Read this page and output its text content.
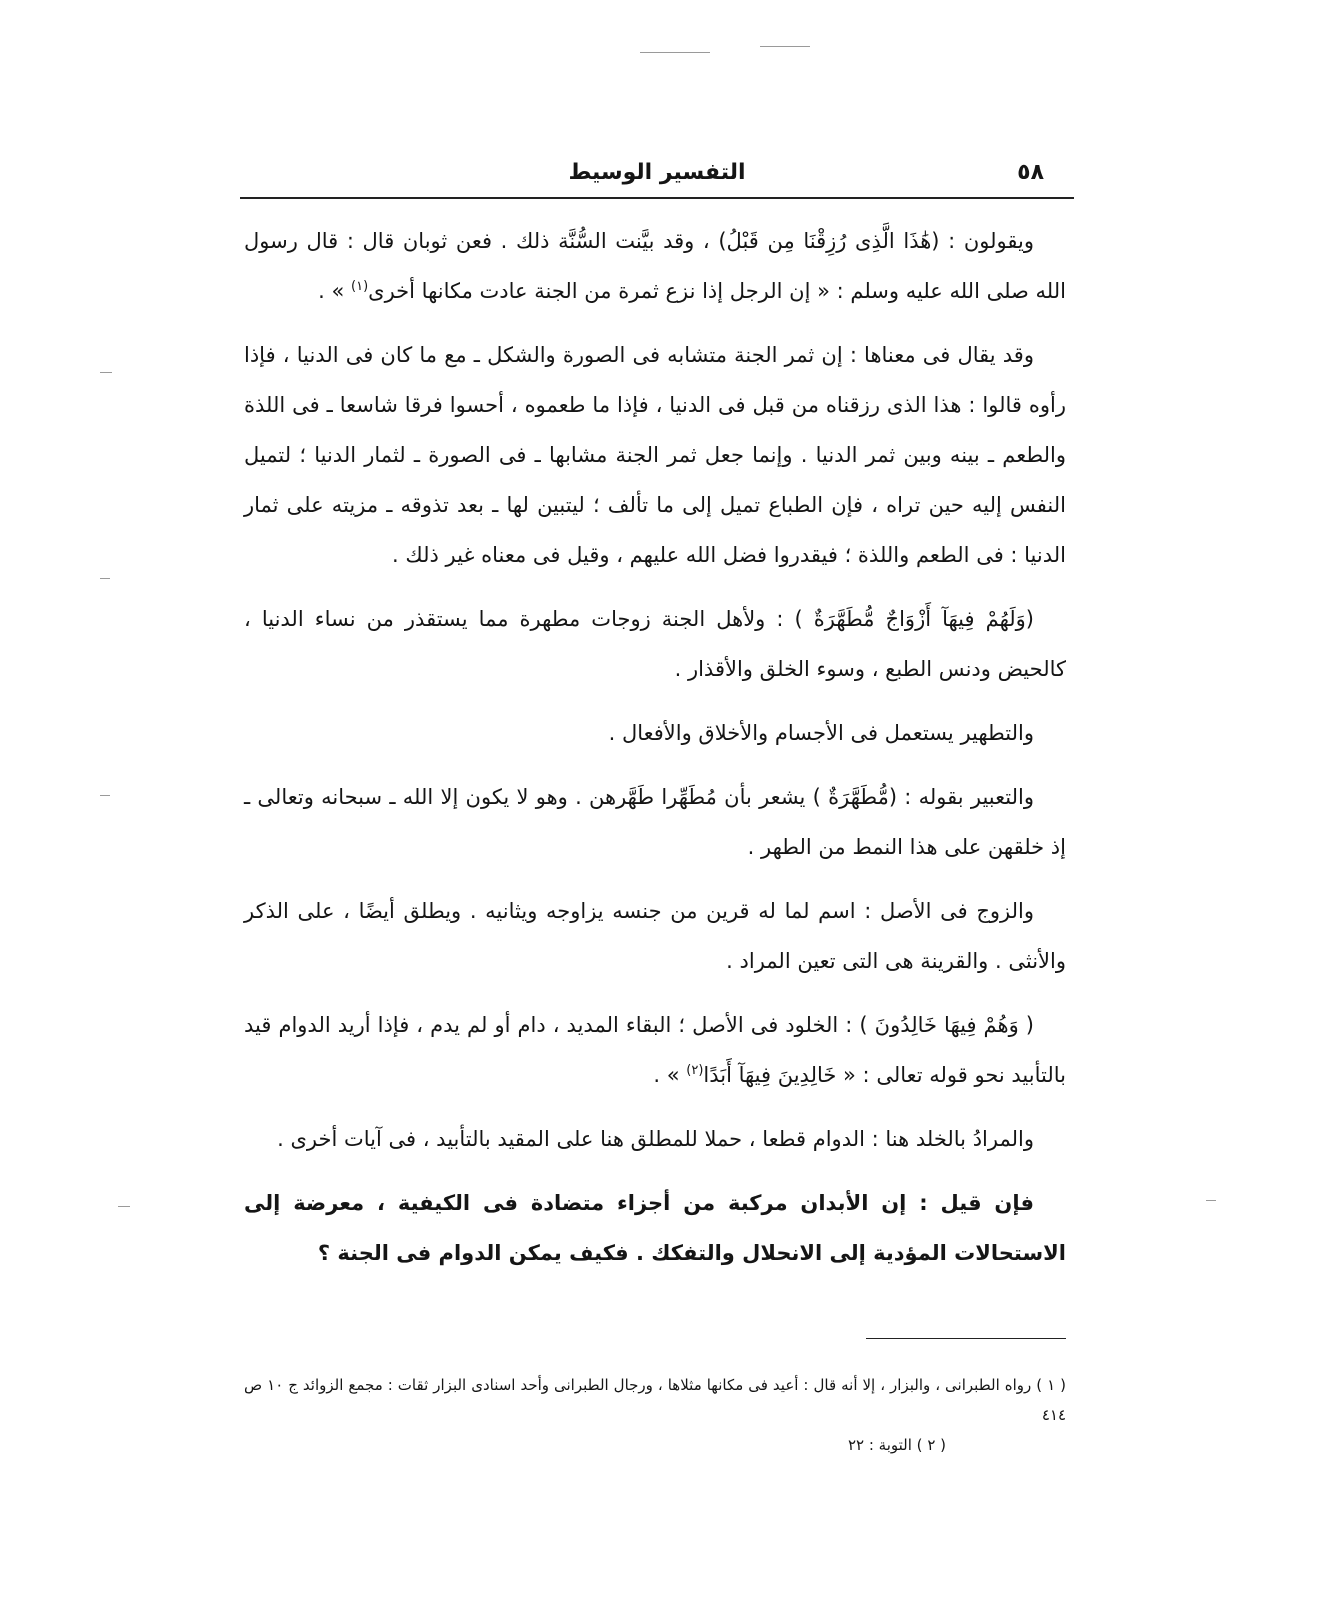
٥٨
التفسير الوسيط

ويقولون : (هَٰذَا الَّذِى رُزِقْنَا مِن قَبْلُ) ، وقد بيَّنت السُّنَّة ذلك . فعن ثوبان قال : قال رسول الله صلى الله عليه وسلم : « إن الرجل إذا نزع ثمرة من الجنة عادت مكانها أخرى$^{(١)}$ » .

وقد يقال فى معناها : إن ثمر الجنة متشابه فى الصورة والشكل ـ مع ما كان فى الدنيا ، فإذا رأوه قالوا : هذا الذى رزقناه من قبل فى الدنيا ، فإذا ما طعموه ، أحسوا فرقا شاسعا ـ فى اللذة والطعم ـ بينه وبين ثمر الدنيا . وإنما جعل ثمر الجنة مشابها ـ فى الصورة ـ لثمار الدنيا ؛ لتميل النفس إليه حين تراه ، فإن الطباع تميل إلى ما تألف ؛ ليتبين لها ـ بعد تذوقه ـ مزيته على ثمار الدنيا : فى الطعم واللذة ؛ فيقدروا فضل الله عليهم ، وقيل فى معناه غير ذلك .

(وَلَهُمْ فِيهَآ أَزْوَاجٌ مُّطَهَّرَةٌ ) : ولأهل الجنة زوجات مطهرة مما يستقذر من نساء الدنيا ، كالحيض ودنس الطبع ، وسوء الخلق والأقذار .

والتطهير يستعمل فى الأجسام والأخلاق والأفعال .

والتعبير بقوله : (مُّطَهَّرَةٌ ) يشعر بأن مُطَهِّرا طَهَّرهن . وهو لا يكون إلا الله ـ سبحانه وتعالى ـ إذ خلقهن على هذا النمط من الطهر .

والزوج فى الأصل : اسم لما له قرين من جنسه يزاوجه ويثانيه . ويطلق أيضًا ، على الذكر والأنثى . والقرينة هى التى تعين المراد .

( وَهُمْ فِيهَا خَالِدُونَ ) : الخلود فى الأصل ؛ البقاء المديد ، دام أو لم يدم ، فإذا أريد الدوام قيد بالتأبيد نحو قوله تعالى : « خَالِدِينَ فِيهَآ أَبَدًا$^{(٢)}$ » .

والمرادُ بالخلد هنا : الدوام قطعا ، حملا للمطلق هنا على المقيد بالتأبيد ، فى آيات أخرى .

فإن قيل : إن الأبدان مركبة من أجزاء متضادة فى الكيفية ، معرضة إلى الاستحالات المؤدية إلى الانحلال والتفكك . فكيف يمكن الدوام فى الجنة ؟

( ١ ) رواه الطبرانى ، والبزار ، إلا أنه قال : أعيد فى مكانها مثلاها ، ورجال الطبرانى وأحد اسنادى البزار ثقات : مجمع الزوائد ج ١٠ ص ٤١٤

( ٢ ) التوبة : ٢٢
